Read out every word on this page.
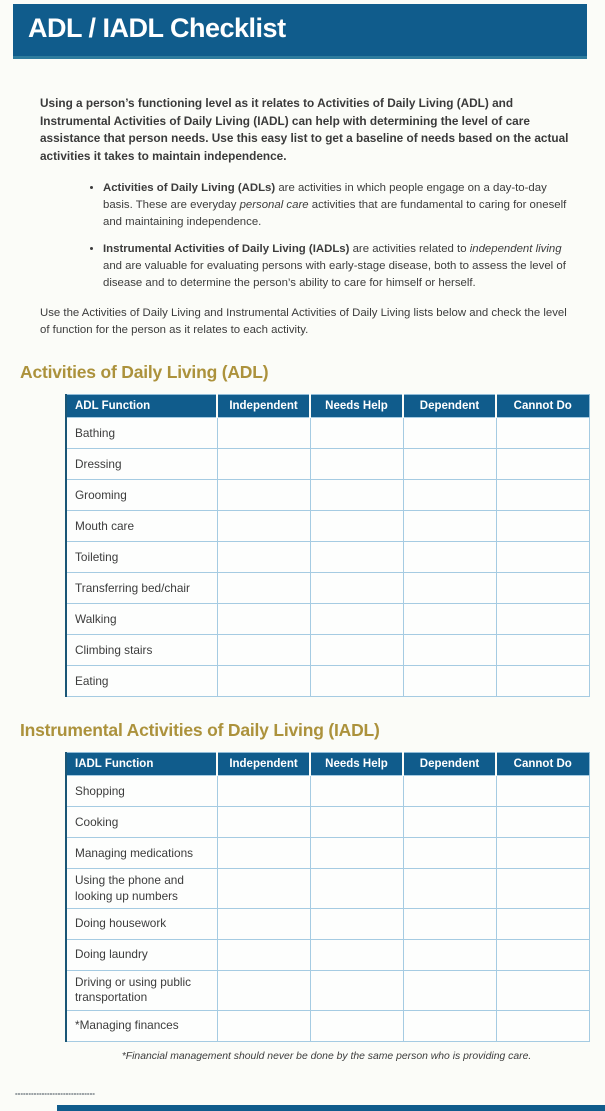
ADL / IADL Checklist

Using a person’s functioning level as it relates to Activities of Daily Living (ADL) and Instrumental Activities of Daily Living (IADL) can help with determining the level of care assistance that person needs. Use this easy list to get a baseline of needs based on the actual activities it takes to maintain independence.

• Activities of Daily Living (ADLs) are activities in which people engage on a day-to-day basis. These are everyday personal care activities that are fundamental to caring for oneself and maintaining independence.
• Instrumental Activities of Daily Living (IADLs) are activities related to independent living and are valuable for evaluating persons with early-stage disease, both to assess the level of disease and to determine the person’s ability to care for himself or herself.

Use the Activities of Daily Living and Instrumental Activities of Daily Living lists below and check the level of function for the person as it relates to each activity.

Activities of Daily Living (ADL)
ADL Function	Independent	Needs Help	Dependent	Cannot Do
Bathing				
Dressing				
Grooming				
Mouth care				
Toileting				
Transferring bed/chair				
Walking				
Climbing stairs				
Eating				
Instrumental Activities of Daily Living (IADL)
IADL Function	Independent	Needs Help	Dependent	Cannot Do
Shopping				
Cooking				
Managing medications				
Using the phone and looking up numbers				
Doing housework				
Doing laundry				
Driving or using public transportation				
*Managing finances				

*Financial management should never be done by the same person who is providing care.

------------------------------
